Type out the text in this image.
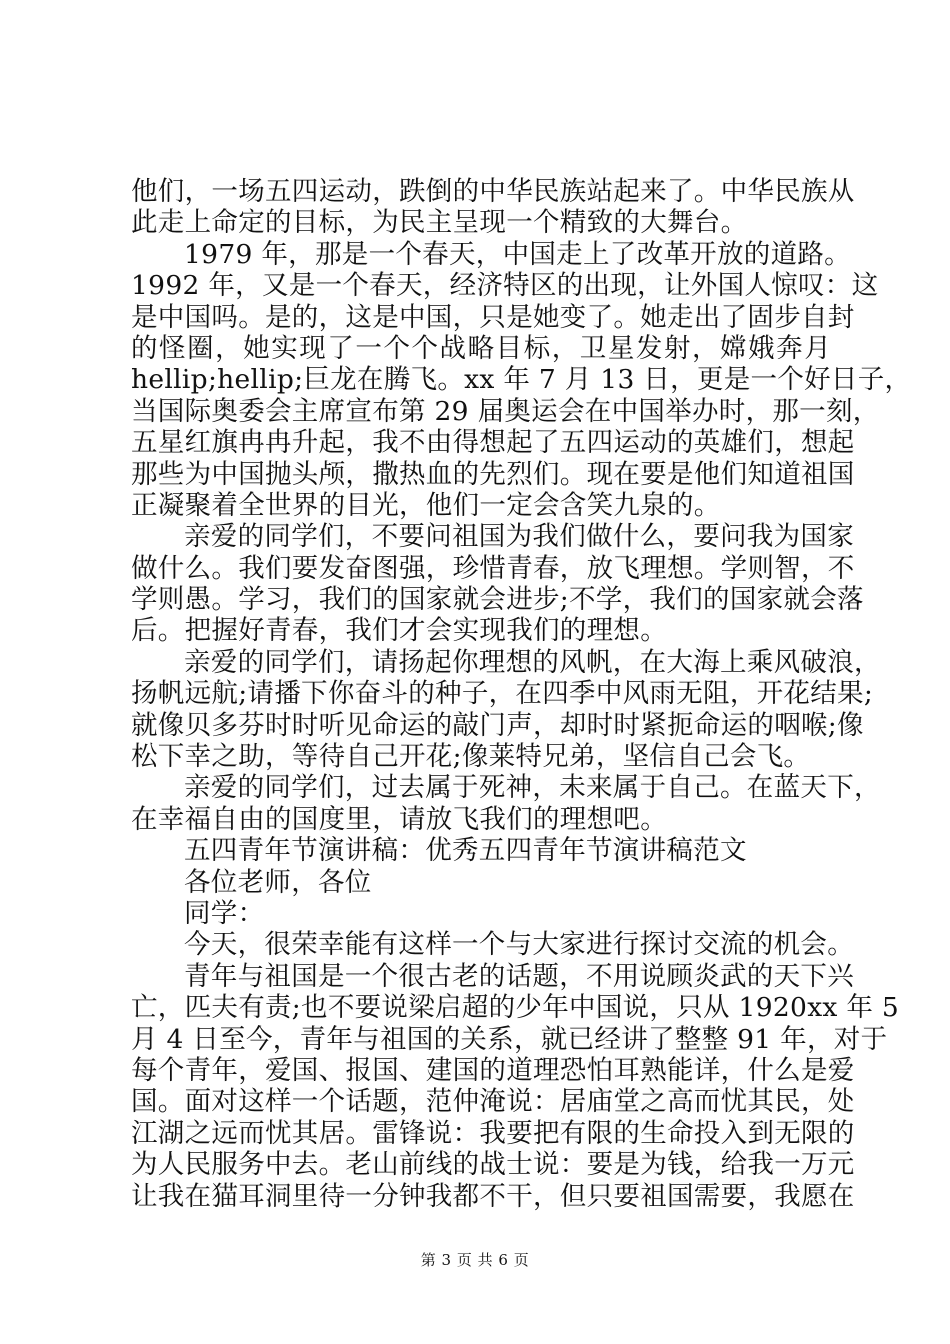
他们，一场五四运动，跌倒的中华民族站起来了。中华民族从
此走上命定的目标，为民主呈现一个精致的大舞台。
1979 年，那是一个春天，中国走上了改革开放的道路。
1992 年，又是一个春天，经济特区的出现，让外国人惊叹：这
是中国吗。是的，这是中国，只是她变了。她走出了固步自封
的怪圈，她实现了一个个战略目标，卫星发射，嫦娥奔月
hellip;hellip;巨龙在腾飞。xx 年 7 月 13 日，更是一个好日子，
当国际奥委会主席宣布第 29 届奥运会在中国举办时，那一刻，
五星红旗冉冉升起，我不由得想起了五四运动的英雄们，想起
那些为中国抛头颅，撒热血的先烈们。现在要是他们知道祖国
正凝聚着全世界的目光，他们一定会含笑九泉的。
亲爱的同学们，不要问祖国为我们做什么，要问我为国家
做什么。我们要发奋图强，珍惜青春，放飞理想。学则智，不
学则愚。学习，我们的国家就会进步;不学，我们的国家就会落
后。把握好青春，我们才会实现我们的理想。
亲爱的同学们，请扬起你理想的风帆，在大海上乘风破浪，
扬帆远航;请播下你奋斗的种子，在四季中风雨无阻，开花结果;
就像贝多芬时时听见命运的敲门声，却时时紧扼命运的咽喉;像
松下幸之助，等待自己开花;像莱特兄弟，坚信自己会飞。
亲爱的同学们，过去属于死神，未来属于自己。在蓝天下，
在幸福自由的国度里，请放飞我们的理想吧。
五四青年节演讲稿：优秀五四青年节演讲稿范文
各位老师，各位
同学：
今天，很荣幸能有这样一个与大家进行探讨交流的机会。
青年与祖国是一个很古老的话题，不用说顾炎武的天下兴
亡，匹夫有责;也不要说梁启超的少年中国说，只从 1920xx 年 5
月 4 日至今，青年与祖国的关系，就已经讲了整整 91 年，对于
每个青年，爱国、报国、建国的道理恐怕耳熟能详，什么是爱
国。面对这样一个话题，范仲淹说：居庙堂之高而忧其民，处
江湖之远而忧其居。雷锋说：我要把有限的生命投入到无限的
为人民服务中去。老山前线的战士说：要是为钱，给我一万元
让我在猫耳洞里待一分钟我都不干，但只要祖国需要，我愿在
第 3 页 共 6 页
